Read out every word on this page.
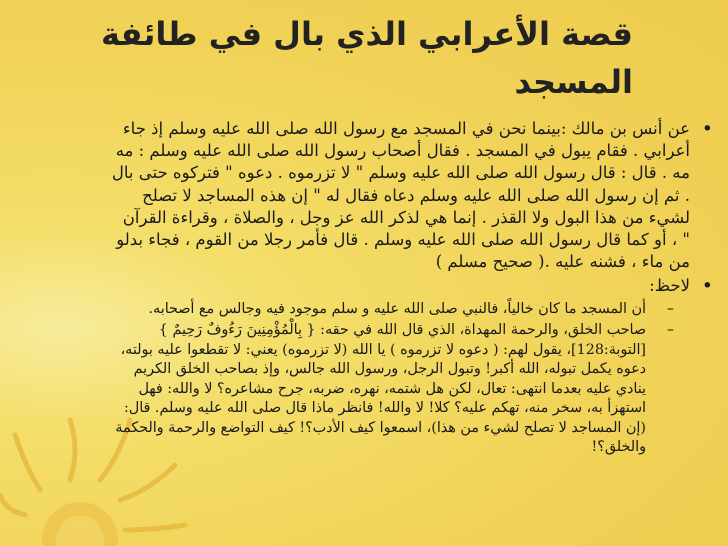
قصة الأعرابي الذي بال في طائفة المسجد
•
عن أنس بن مالك :بينما نحن في المسجد مع رسول الله صلى الله عليه وسلم إذ جاء أعرابي . فقام يبول في المسجد . فقال أصحاب رسول الله صلى الله عليه وسلم : مه مه . قال : قال رسول الله صلى الله عليه وسلم " لا تزرموه . دعوه " فتركوه حتى بال . ثم إن رسول الله صلى الله عليه وسلم دعاه فقال له " إن هذه المساجد لا تصلح لشيء من هذا البول ولا القذر . إنما هي لذكر الله عز وجل ، والصلاة ، وقراءة القرآن " ، أو كما قال رسول الله صلى الله عليه وسلم . قال فأمر رجلا من القوم ، فجاء بدلو من ماء ، فشنه عليه .( صحيح مسلم )
•
لاحظ:
–
أن المسجد ما كان خالياً، فالنبي صلى الله عليه و سلم موجود فيه وجالس مع أصحابه.
–
صاحب الخلق، والرحمة المهداة، الذي قال الله في حقه: { بِالْمُؤْمِنِينَ رَءُوفٌ رَحِيمٌ } [التوبة:128]، يقول لهم: ( دعوه لا تزرموه ) يا الله (لا تزرموه) يعني: لا تقطعوا عليه بولته، دعوه يكمل تبوله، الله أكبر! وتبول الرجل، ورسول الله جالس، وإذ بصاحب الخلق الكريم ينادي عليه بعدما انتهى: تعال، لكن هل شتمه، نهره، ضربه، جرح مشاعره؟ لا والله: فهل استهزأ به، سخر منه، تهكم عليه؟ كلا! لا والله! فانظر ماذا قال صلى الله عليه وسلم. قال: (إن المساجد لا تصلح لشيء من هذا)، اسمعوا كيف الأدب؟! كيف التواضع والرحمة والحكمة والخلق؟!
